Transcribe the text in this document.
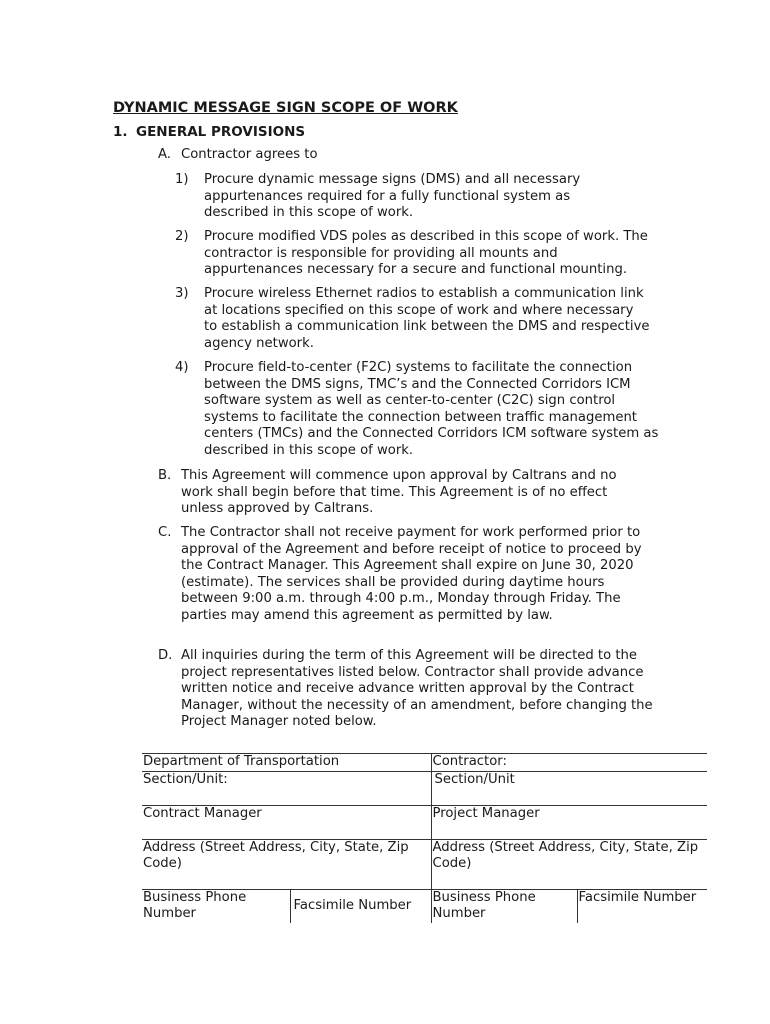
DYNAMIC MESSAGE SIGN SCOPE OF WORK
1. GENERAL PROVISIONS
A. Contractor agrees to
1) Procure dynamic message signs (DMS) and all necessary appurtenances required for a fully functional system as described in this scope of work.
2) Procure modified VDS poles as described in this scope of work. The contractor is responsible for providing all mounts and appurtenances necessary for a secure and functional mounting.
3) Procure wireless Ethernet radios to establish a communication link at locations specified on this scope of work and where necessary to establish a communication link between the DMS and respective agency network.
4) Procure field-to-center (F2C) systems to facilitate the connection between the DMS signs, TMC’s and the Connected Corridors ICM software system as well as center-to-center (C2C) sign control systems to facilitate the connection between traffic management centers (TMCs) and the Connected Corridors ICM software system as described in this scope of work.
B. This Agreement will commence upon approval by Caltrans and no work shall begin before that time. This Agreement is of no effect unless approved by Caltrans.
C. The Contractor shall not receive payment for work performed prior to approval of the Agreement and before receipt of notice to proceed by the Contract Manager. This Agreement shall expire on June 30, 2020 (estimate). The services shall be provided during daytime hours between 9:00 a.m. through 4:00 p.m., Monday through Friday. The parties may amend this agreement as permitted by law.
D. All inquiries during the term of this Agreement will be directed to the project representatives listed below. Contractor shall provide advance written notice and receive advance written approval by the Contract Manager, without the necessity of an amendment, before changing the Project Manager noted below.
Department of Transportation		Contractor:	

Section/Unit:		Section/Unit	

Contract Manager		Project Manager	

Address (Street Address, City, State, Zip Code)		Address (Street Address, City, State, Zip Code)	

Business Phone Number	Facsimile Number	Business Phone Number	Facsimile Number
